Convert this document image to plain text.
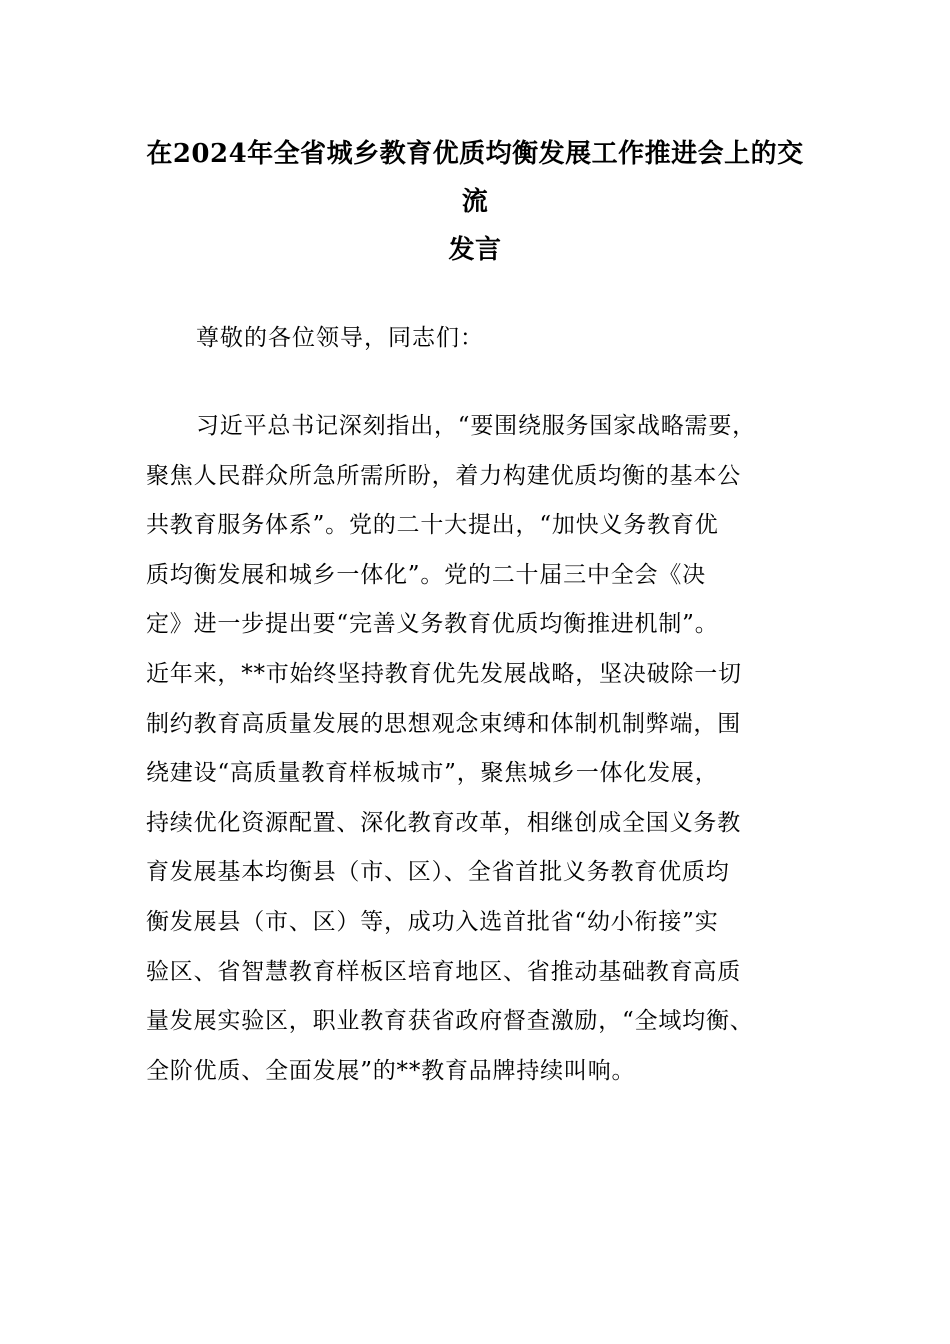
在2024年全省城乡教育优质均衡发展工作推进会上的交流
发言
尊敬的各位领导，同志们：
习近平总书记深刻指出，“要围绕服务国家战略需要，
聚焦人民群众所急所需所盼，着力构建优质均衡的基本公
共教育服务体系”。党的二十大提出，“加快义务教育优
质均衡发展和城乡一体化”。党的二十届三中全会《决
定》进一步提出要“完善义务教育优质均衡推进机制”。
近年来，**市始终坚持教育优先发展战略，坚决破除一切
制约教育高质量发展的思想观念束缚和体制机制弊端，围
绕建设“高质量教育样板城市”，聚焦城乡一体化发展，
持续优化资源配置、深化教育改革，相继创成全国义务教
育发展基本均衡县（市、区）、全省首批义务教育优质均
衡发展县（市、区）等，成功入选首批省“幼小衔接”实
验区、省智慧教育样板区培育地区、省推动基础教育高质
量发展实验区，职业教育获省政府督查激励，“全域均衡、
全阶优质、全面发展”的**教育品牌持续叫响。
